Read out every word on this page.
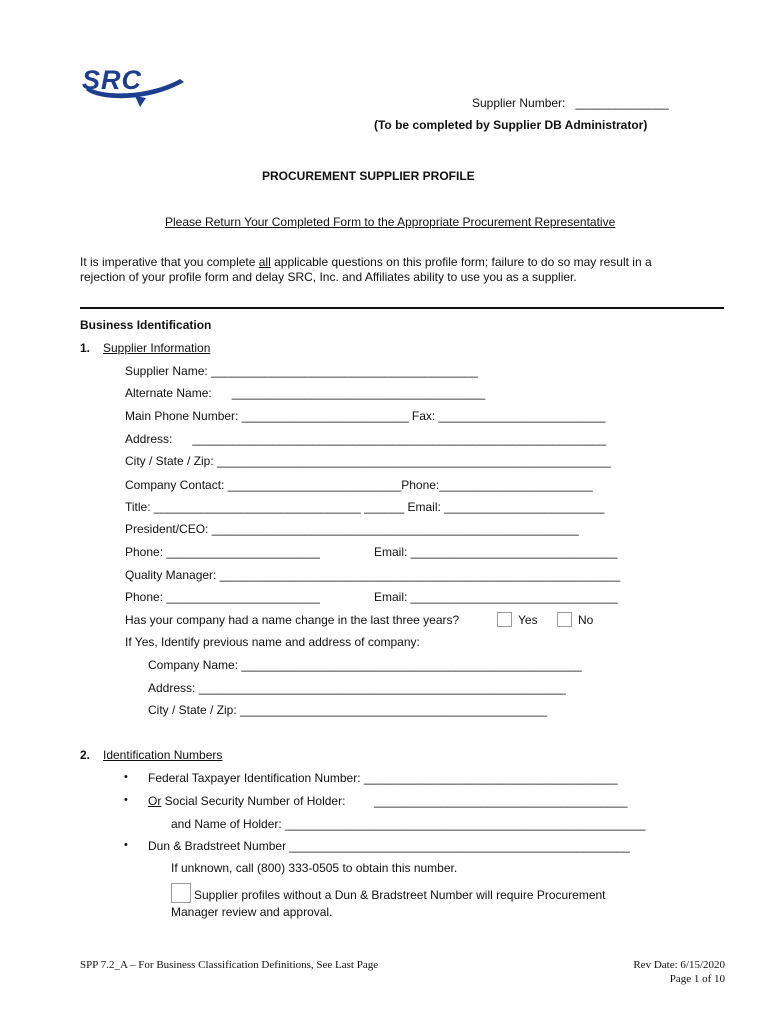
SRC
Supplier Number:   ______________
(To be completed by Supplier DB Administrator)
PROCUREMENT SUPPLIER PROFILE
Please Return Your Completed Form to the Appropriate Procurement Representative
It is imperative that you complete all applicable questions on this profile form; failure to do so may result in a rejection of your profile form and delay SRC, Inc. and Affiliates ability to use you as a supplier.
Business Identification
1. Supplier Information
Supplier Name: ________________________________________
Alternate Name:      ______________________________________
Main Phone Number: _________________________ Fax: _________________________
Address:      ______________________________________________________________
City / State / Zip: ___________________________________________________________
Company Contact: __________________________Phone:_______________________
Title: _______________________________ ______ Email: ________________________
President/CEO: _______________________________________________________
Phone: _______________________	Email: _______________________________
Quality Manager: ____________________________________________________________
Phone: _______________________	Email: _______________________________
Has your company had a name change in the last three years?	Yes	No
If Yes, Identify previous name and address of company:
Company Name: ___________________________________________________
Address: _______________________________________________________
City / State / Zip: ______________________________________________
2. Identification Numbers
• Federal Taxpayer Identification Number: ______________________________________
• Or Social Security Number of Holder: ______________________________________
and Name of Holder: ______________________________________________________
• Dun & Bradstreet Number ___________________________________________________
If unknown, call (800) 333-0505 to obtain this number.
Supplier profiles without a Dun & Bradstreet Number will require Procurement
Manager review and approval.
SPP 7.2_A – For Business Classification Definitions, See Last Page	Rev Date: 6/15/2020
Page 1 of 10
